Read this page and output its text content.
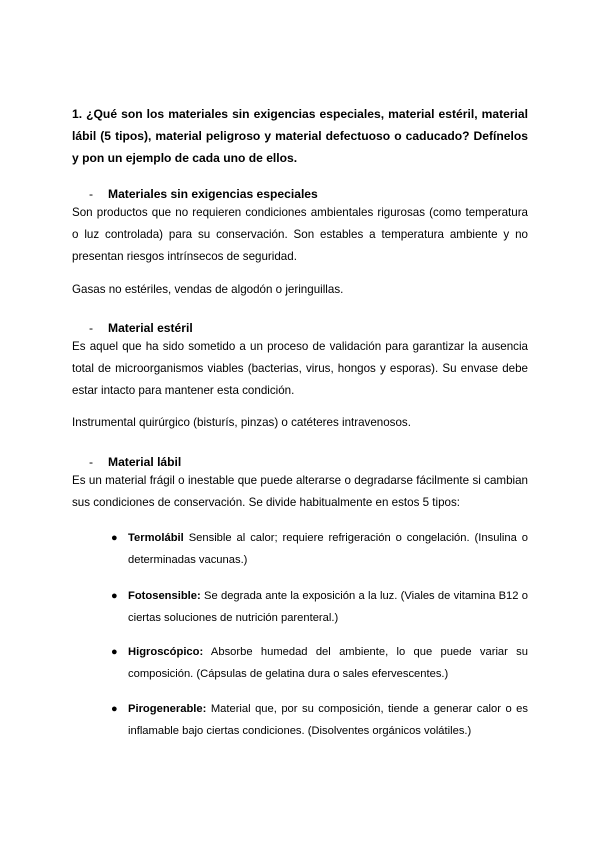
1. ¿Qué son los materiales sin exigencias especiales, material estéril, material lábil (5 tipos), material peligroso y material defectuoso o caducado? Defínelos y pon un ejemplo de cada uno de ellos.
- Materiales sin exigencias especiales
Son productos que no requieren condiciones ambientales rigurosas (como temperatura o luz controlada) para su conservación. Son estables a temperatura ambiente y no presentan riesgos intrínsecos de seguridad.
Gasas no estériles, vendas de algodón o jeringuillas.
- Material estéril
Es aquel que ha sido sometido a un proceso de validación para garantizar la ausencia total de microorganismos viables (bacterias, virus, hongos y esporas). Su envase debe estar intacto para mantener esta condición.
Instrumental quirúrgico (bisturís, pinzas) o catéteres intravenosos.
- Material lábil
Es un material frágil o inestable que puede alterarse o degradarse fácilmente si cambian sus condiciones de conservación. Se divide habitualmente en estos 5 tipos:
● Termolábil Sensible al calor; requiere refrigeración o congelación. (Insulina o determinadas vacunas.)
● Fotosensible: Se degrada ante la exposición a la luz. (Viales de vitamina B12 o ciertas soluciones de nutrición parenteral.)
● Higroscópico: Absorbe humedad del ambiente, lo que puede variar su composición. (Cápsulas de gelatina dura o sales efervescentes.)
● Pirogenerable: Material que, por su composición, tiende a generar calor o es inflamable bajo ciertas condiciones. (Disolventes orgánicos volátiles.)
